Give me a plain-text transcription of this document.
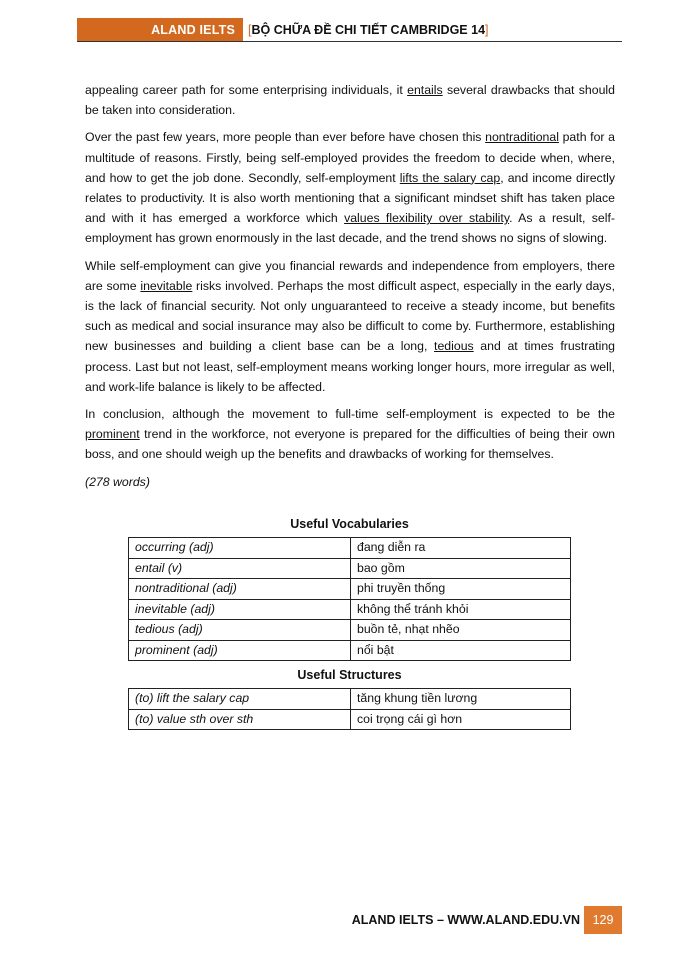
ALAND IELTS	[ BỘ CHỮA ĐỀ CHI TIẾT CAMBRIDGE 14 ]

appealing career path for some enterprising individuals, it entails several drawbacks that should be taken into consideration.

Over the past few years, more people than ever before have chosen this nontraditional path for a multitude of reasons. Firstly, being self-employed provides the freedom to decide when, where, and how to get the job done. Secondly, self-employment lifts the salary cap, and income directly relates to productivity. It is also worth mentioning that a significant mindset shift has taken place and with it has emerged a workforce which values flexibility over stability. As a result, self-employment has grown enormously in the last decade, and the trend shows no signs of slowing.

While self-employment can give you financial rewards and independence from employers, there are some inevitable risks involved. Perhaps the most difficult aspect, especially in the early days, is the lack of financial security. Not only unguaranteed to receive a steady income, but benefits such as medical and social insurance may also be difficult to come by. Furthermore, establishing new businesses and building a client base can be a long, tedious and at times frustrating process. Last but not least, self-employment means working longer hours, more irregular as well, and work-life balance is likely to be affected.

In conclusion, although the movement to full-time self-employment is expected to be the prominent trend in the workforce, not everyone is prepared for the difficulties of being their own boss, and one should weigh up the benefits and drawbacks of working for themselves.

(278 words)

Useful Vocabularies
occurring (adj)	đang diễn ra
entail (v)	bao gồm
nontraditional (adj)	phi truyền thống
inevitable (adj)	không thể tránh khỏi
tedious (adj)	buồn tẻ, nhạt nhẽo
prominent (adj)	nổi bật
Useful Structures
(to) lift the salary cap	tăng khung tiền lương
(to) value sth over sth	coi trọng cái gì hơn
ALAND IELTS – WWW.ALAND.EDU.VN	129
